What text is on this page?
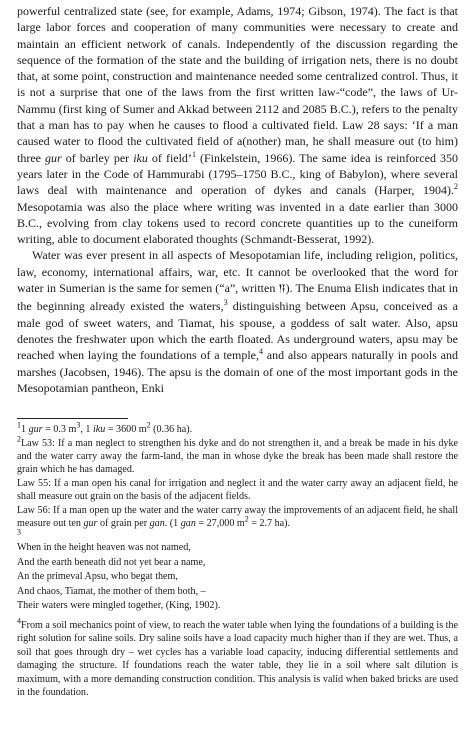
powerful centralized state (see, for example, Adams, 1974; Gibson, 1974). The fact is that large labor forces and cooperation of many communities were necessary to create and maintain an efficient network of canals. Independently of the discussion regarding the sequence of the formation of the state and the building of irrigation nets, there is no doubt that, at some point, construction and maintenance needed some centralized control. Thus, it is not a surprise that one of the laws from the first written law-“code”, the laws of Ur-Nammu (first king of Sumer and Akkad between 2112 and 2085 B.C.), refers to the penalty that a man has to pay when he causes to flood a cultivated field. Law 28 says: ‘If a man caused water to flood the cultivated field of a(nother) man, he shall measure out (to him) three gur of barley per iku of field’$^1$ (Finkelstein, 1966). The same idea is reinforced 350 years later in the Code of Hammurabi (1795–1750 B.C., king of Babylon), where several laws deal with maintenance and operation of dykes and canals (Harper, 1904).$^2$ Mesopotamia was also the place where writing was invented in a date earlier than 3000 B.C., evolving from clay tokens used to record concrete quantities up to the cuneiform writing, able to document elaborated thoughts (Schmandt-Besserat, 1992).

Water was ever present in all aspects of Mesopotamian life, including religion, politics, law, economy, international affairs, war, etc. It cannot be overlooked that the word for water in Sumerian is the same for semen (“a”, written 𒀀). The Enuma Elish indicates that in the beginning already existed the waters,$^3$ distinguishing between Apsu, conceived as a male god of sweet waters, and Tiamat, his spouse, a goddess of salt water. Also, apsu denotes the freshwater upon which the earth floated. As underground waters, apsu may be reached when laying the foundations of a temple,$^4$ and also appears naturally in pools and marshes (Jacobsen, 1946). The apsu is the domain of one of the most important gods in the Mesopotamian pantheon, Enki

$^1$1 gur = 0.3 $m^3$, 1 iku = 3600 $m^2$ (0.36 ha).

$^2$Law 53: If a man neglect to strengthen his dyke and do not strengthen it, and a break be made in his dyke and the water carry away the farm-land, the man in whose dyke the break has been made shall restore the grain which he has damaged.

Law 55: If a man open his canal for irrigation and neglect it and the water carry away an adjacent field, he shall measure out grain on the basis of the adjacent fields.

Law 56: If a man open up the water and the water carry away the improvements of an adjacent field, he shall measure out ten gur of grain per gan. (1 gan = 27,000 $m^2 = 2.7$ ha).

$^3$
When in the height heaven was not named,
And the earth beneath did not yet bear a name,
An the primeval Apsu, who begat them,
And chaos, Tiamat, the mother of them both, –
Their waters were mingled together, (King, 1902).

$^4$From a soil mechanics point of view, to reach the water table when lying the foundations of a building is the right solution for saline soils. Dry saline soils have a load capacity much higher than if they are wet. Thus, a soil that goes through dry – wet cycles has a variable load capacity, inducing differential settlements and damaging the structure. If foundations reach the water table, they lie in a soil where salt dilution is maximum, with a more demanding construction condition. This analysis is valid when baked bricks are used in the foundation.
